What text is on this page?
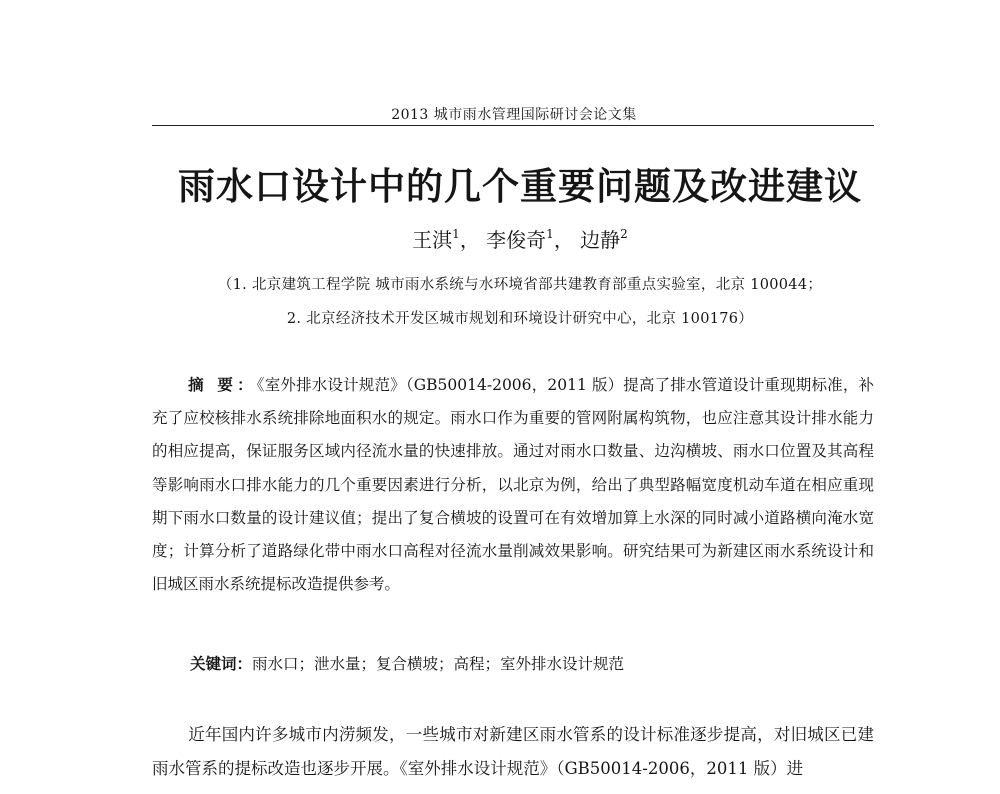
2013 城市雨水管理国际研讨会论文集
雨水口设计中的几个重要问题及改进建议
王淇$^1$， 李俊奇$^1$， 边静$^2$
（1. 北京建筑工程学院 城市雨水系统与水环境省部共建教育部重点实验室，北京 100044；
2. 北京经济技术开发区城市规划和环境设计研究中心，北京 100176）

摘 要：《室外排水设计规范》（GB50014-2006，2011 版）提高了排水管道设计重现期标准，补充了应校核排水系统排除地面积水的规定。雨水口作为重要的管网附属构筑物，也应注意其设计排水能力的相应提高，保证服务区域内径流水量的快速排放。通过对雨水口数量、边沟横坡、雨水口位置及其高程等影响雨水口排水能力的几个重要因素进行分析，以北京为例，给出了典型路幅宽度机动车道在相应重现期下雨水口数量的设计建议值；提出了复合横坡的设置可在有效增加算上水深的同时减小道路横向淹水宽度；计算分析了道路绿化带中雨水口高程对径流水量削减效果影响。研究结果可为新建区雨水系统设计和旧城区雨水系统提标改造提供参考。

关键词：雨水口；泄水量；复合横坡；高程；室外排水设计规范

近年国内许多城市内涝频发，一些城市对新建区雨水管系的设计标准逐步提高，对旧城区已建雨水管系的提标改造也逐步开展。《室外排水设计规范》（GB50014-2006，2011 版）进
